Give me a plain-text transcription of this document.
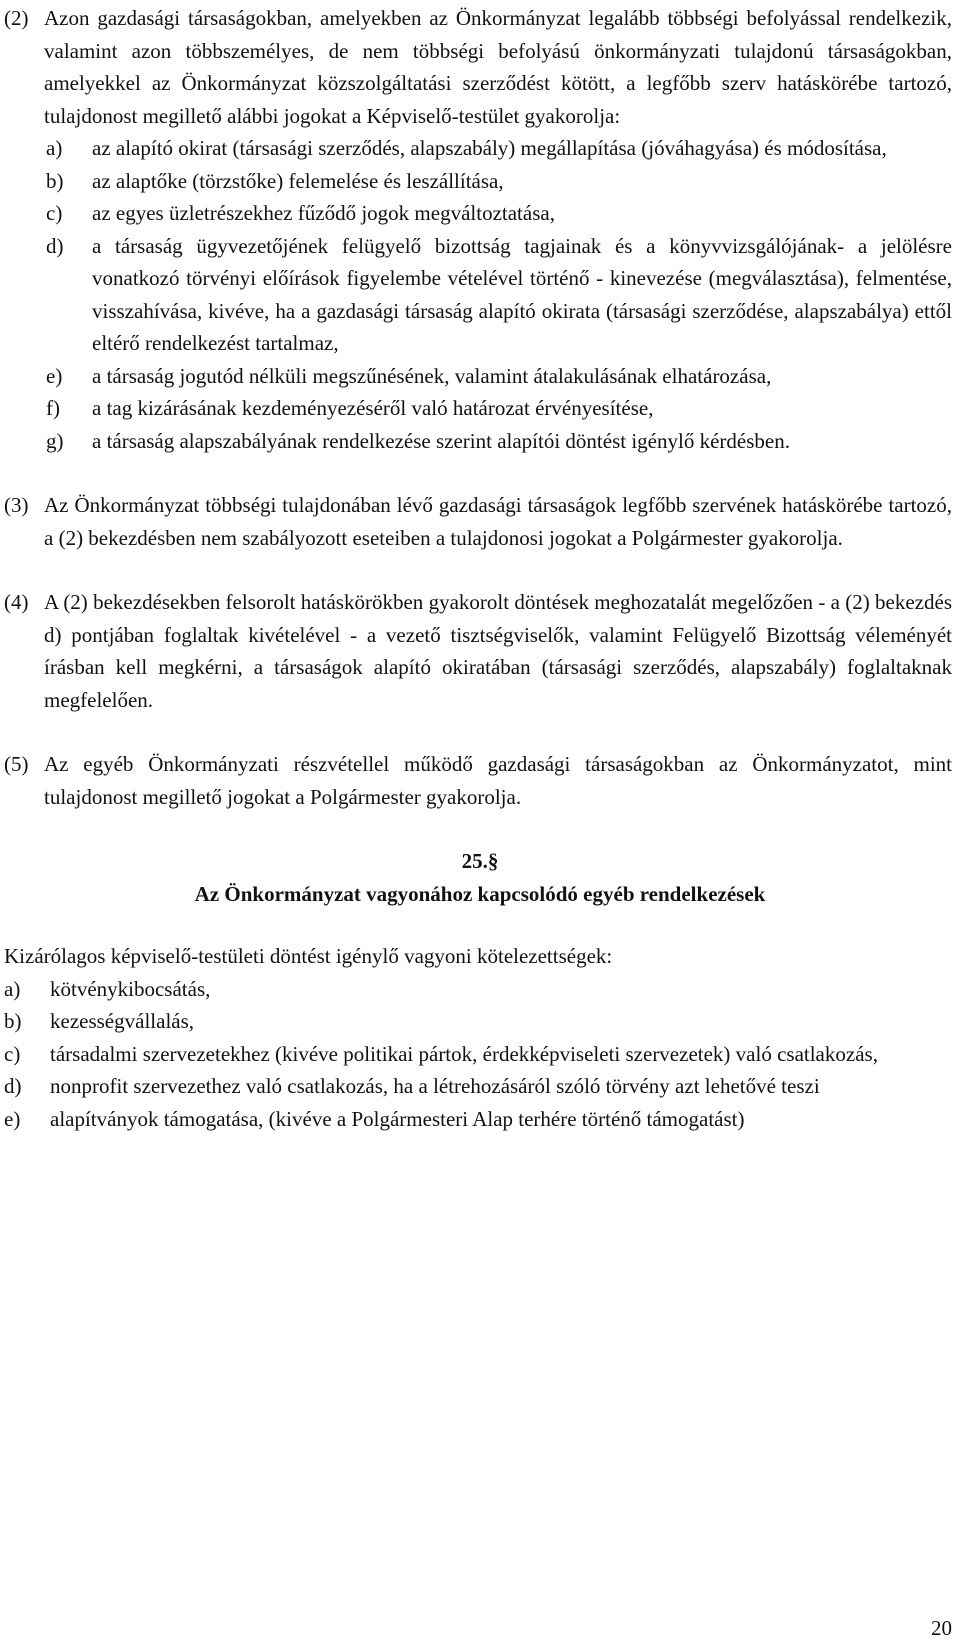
(2) Azon gazdasági társaságokban, amelyekben az Önkormányzat legalább többségi befolyással rendelkezik, valamint azon többszemélyes, de nem többségi befolyású önkormányzati tulajdonú társaságokban, amelyekkel az Önkormányzat közszolgáltatási szerződést kötött, a legfőbb szerv hatáskörébe tartozó, tulajdonost megillető alábbi jogokat a Képviselő-testület gyakorolja:

a) az alapító okirat (társasági szerződés, alapszabály) megállapítása (jóváhagyása) és módosítása,

b) az alaptőke (törzstőke) felemelése és leszállítása,

c) az egyes üzletrészekhez fűződő jogok megváltoztatása,

d) a társaság ügyvezetőjének felügyelő bizottság tagjainak és a könyvvizsgálójának- a jelölésre vonatkozó törvényi előírások figyelembe vételével történő - kinevezése (megválasztása), felmentése, visszahívása, kivéve, ha a gazdasági társaság alapító okirata (társasági szerződése, alapszabálya) ettől eltérő rendelkezést tartalmaz,

e) a társaság jogutód nélküli megszűnésének, valamint átalakulásának elhatározása,

f) a tag kizárásának kezdeményezéséről való határozat érvényesítése,

g) a társaság alapszabályának rendelkezése szerint alapítói döntést igénylő kérdésben.

(3) Az Önkormányzat többségi tulajdonában lévő gazdasági társaságok legfőbb szervének hatáskörébe tartozó, a (2) bekezdésben nem szabályozott eseteiben a tulajdonosi jogokat a Polgármester gyakorolja.

(4) A (2) bekezdésekben felsorolt hatáskörökben gyakorolt döntések meghozatalát megelőzően - a (2) bekezdés d) pontjában foglaltak kivételével - a vezető tisztségviselők, valamint Felügyelő Bizottság véleményét írásban kell megkérni, a társaságok alapító okiratában (társasági szerződés, alapszabály) foglaltaknak megfelelően.

(5) Az egyéb Önkormányzati részvétellel működő gazdasági társaságokban az Önkormányzatot, mint tulajdonost megillető jogokat a Polgármester gyakorolja.

25.§

Az Önkormányzat vagyonához kapcsolódó egyéb rendelkezések

Kizárólagos képviselő-testületi döntést igénylő vagyoni kötelezettségek:

a) kötvénykibocsátás,

b) kezességvállalás,

c) társadalmi szervezetekhez (kivéve politikai pártok, érdekképviseleti szervezetek) való csatlakozás,

d) nonprofit szervezethez való csatlakozás, ha a létrehozásáról szóló törvény azt lehetővé teszi

e) alapítványok támogatása, (kivéve a Polgármesteri Alap terhére történő támogatást)

20
